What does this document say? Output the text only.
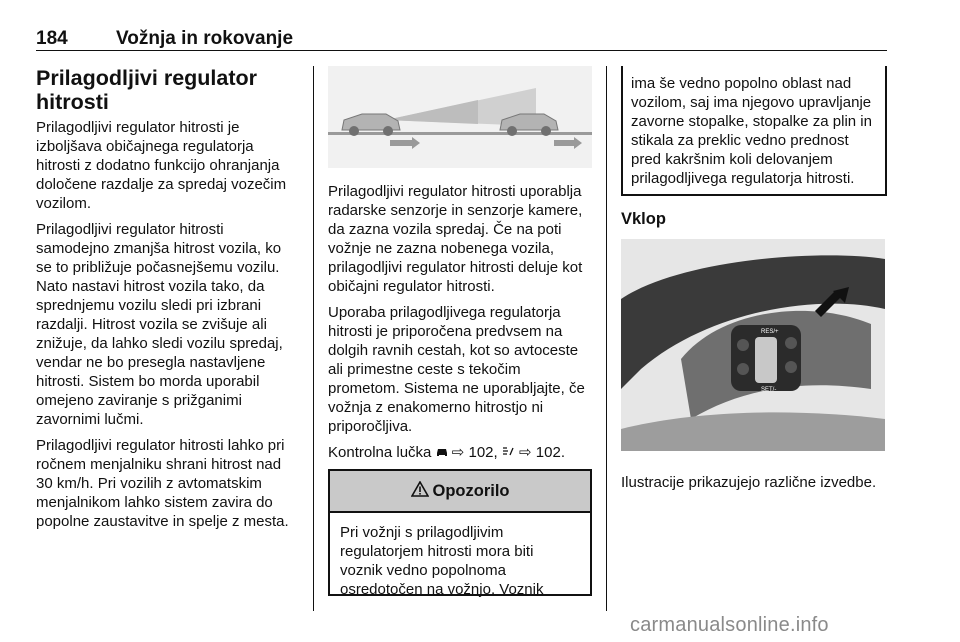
184	Vožnja in rokovanje
Prilagodljivi regulator hitrosti

Prilagodljivi regulator hitrosti je izboljšava običajnega regulatorja hitrosti z dodatno funkcijo ohranjanja določene razdalje za spredaj vozečim vozilom.

Prilagodljivi regulator hitrosti samodejno zmanjša hitrost vozila, ko se to približuje počasnejšemu vozilu. Nato nastavi hitrost vozila tako, da sprednjemu vozilu sledi pri izbrani razdalji. Hitrost vozila se zvišuje ali znižuje, da lahko sledi vozilu spredaj, vendar ne bo presegla nastavljene hitrosti. Sistem bo morda uporabil omejeno zaviranje s prižganimi zavornimi lučmi.

Prilagodljivi regulator hitrosti lahko pri ročnem menjalniku shrani hitrost nad 30 km/h. Pri vozilih z avtomatskim menjalnikom lahko sistem zavira do popolne zaustavitve in spelje z mesta.

Prilagodljivi regulator hitrosti uporablja radarske senzorje in senzorje kamere, da zazna vozila spredaj. Če na poti vožnje ne zazna nobenega vozila, prilagodljivi regulator hitrosti deluje kot običajni regulator hitrosti.

Uporaba prilagodljivega regulatorja hitrosti je priporočena predvsem na dolgih ravnih cestah, kot so avtoceste ali primestne ceste s tekočim prometom. Sistema ne uporabljajte, če vožnja z enakomerno hitrostjo ni priporočljiva.

Kontrolna lučka ⇨ 102,  ⇨ 102.

Opozorilo

Pri vožnji s prilagodljivim regulatorjem hitrosti mora biti voznik vedno popolnoma osredotočen na vožnjo. Voznik

ima še vedno popolno oblast nad vozilom, saj ima njegovo upravljanje zavorne stopalke, stopalke za plin in stikala za preklic vedno prednost pred kakršnim koli delovanjem prilagodljivega regulatorja hitrosti.

Vklop
RES/+
SET/-

Ilustracije prikazujejo različne izvedbe.

carmanualsonline.info
